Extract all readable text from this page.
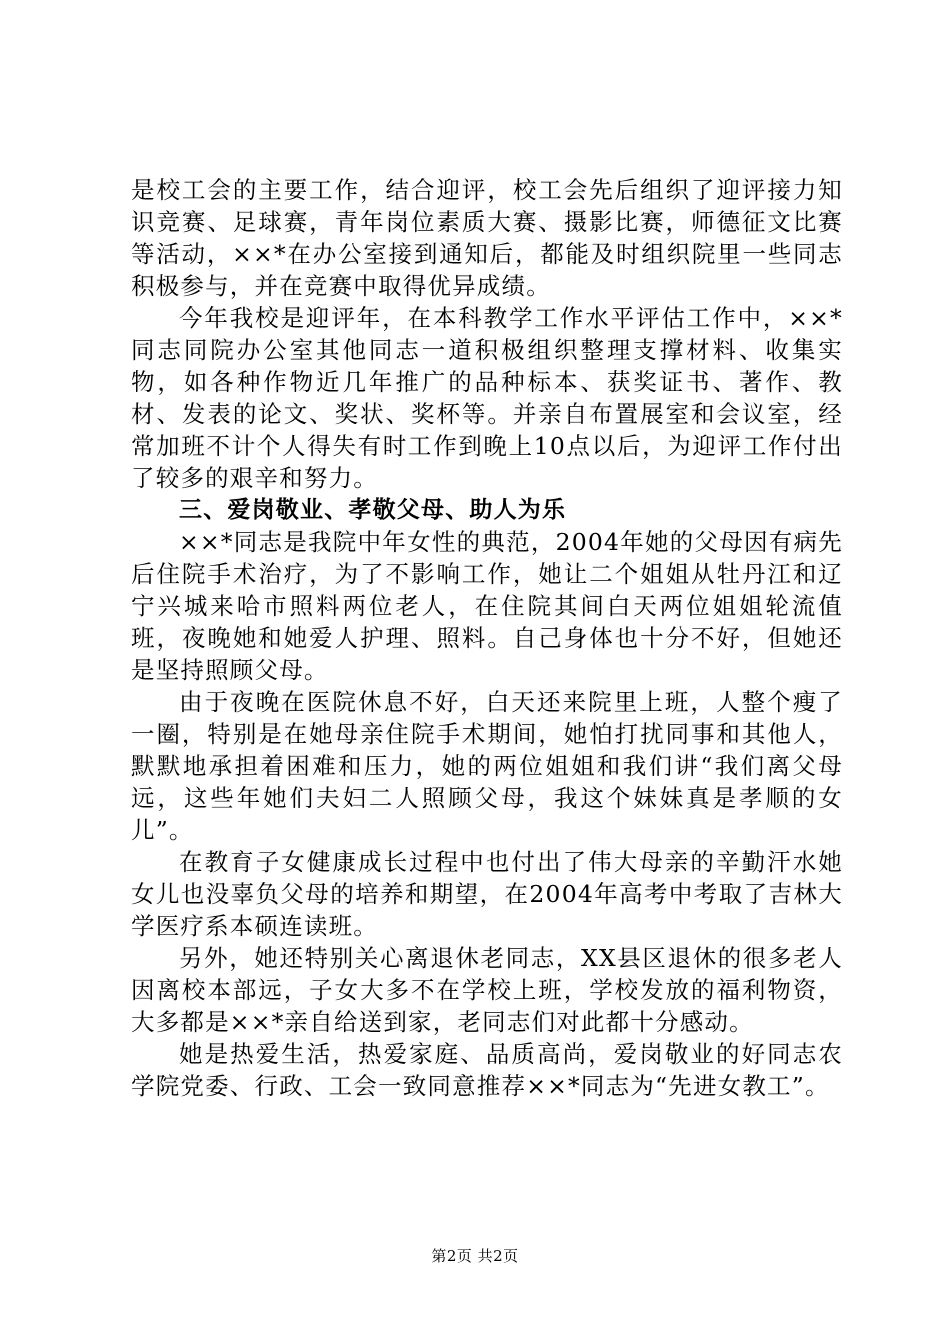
是校工会的主要工作，结合迎评，校工会先后组织了迎评接力知识竞赛、足球赛，青年岗位素质大赛、摄影比赛，师德征文比赛等活动，××*在办公室接到通知后，都能及时组织院里一些同志积极参与，并在竞赛中取得优异成绩。

今年我校是迎评年，在本科教学工作水平评估工作中，××*同志同院办公室其他同志一道积极组织整理支撑材料、收集实物，如各种作物近几年推广的品种标本、获奖证书、著作、教材、发表的论文、奖状、奖杯等。并亲自布置展室和会议室，经常加班不计个人得失有时工作到晚上10点以后，为迎评工作付出了较多的艰辛和努力。

三、爱岗敬业、孝敬父母、助人为乐

××*同志是我院中年女性的典范，2004年她的父母因有病先后住院手术治疗，为了不影响工作，她让二个姐姐从牡丹江和辽宁兴城来哈市照料两位老人，在住院其间白天两位姐姐轮流值班，夜晚她和她爱人护理、照料。自己身体也十分不好，但她还是坚持照顾父母。

由于夜晚在医院休息不好，白天还来院里上班，人整个瘦了一圈，特别是在她母亲住院手术期间，她怕打扰同事和其他人，默默地承担着困难和压力，她的两位姐姐和我们讲“我们离父母远，这些年她们夫妇二人照顾父母，我这个妹妹真是孝顺的女儿”。

在教育子女健康成长过程中也付出了伟大母亲的辛勤汗水她女儿也没辜负父母的培养和期望，在2004年高考中考取了吉林大学医疗系本硕连读班。

另外，她还特别关心离退休老同志，XX县区退休的很多老人因离校本部远，子女大多不在学校上班，学校发放的福利物资，大多都是××*亲自给送到家，老同志们对此都十分感动。

她是热爱生活，热爱家庭、品质高尚，爱岗敬业的好同志农学院党委、行政、工会一致同意推荐××*同志为“先进女教工”。

第2页 共2页
